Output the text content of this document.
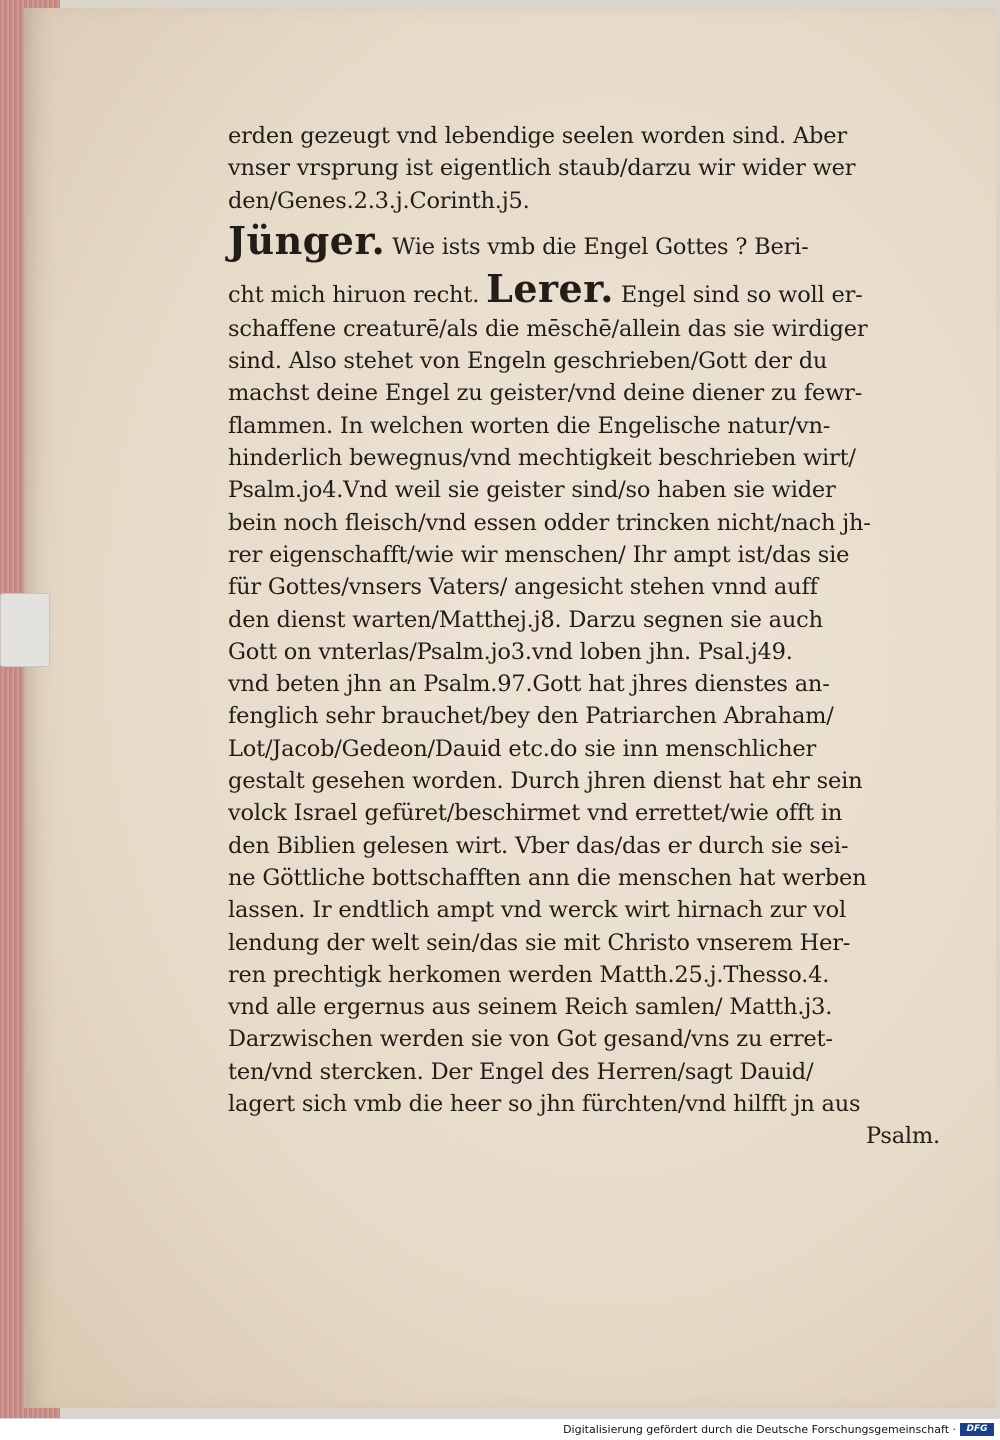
erden gezeugt vnd lebendige seelen worden sind. Aber
vnser vrsprung ist eigentlich staub/darzu wir wider wer
den/Genes.2.3.j.Corinth.j5.
Jünger. Wie ists vmb die Engel Gottes ? Beri‑
cht mich hiruon recht. Lerer. Engel sind so woll er‑
schaffene creaturē/als die mēschē/allein das sie wirdiger
sind. Also stehet von Engeln geschrieben/Gott der du
machst deine Engel zu geister/vnd deine diener zu fewr‑
flammen. In welchen worten die Engelische natur/vn‑
hinderlich bewegnus/vnd mechtigkeit beschrieben wirt/
Psalm.jo4.Vnd weil sie geister sind/so haben sie wider
bein noch fleisch/vnd essen odder trincken nicht/nach jh‑
rer eigenschafft/wie wir menschen/ Ihr ampt ist/das sie
für Gottes/vnsers Vaters/ angesicht stehen vnnd auff
den dienst warten/Matthej.j8. Darzu segnen sie auch
Gott on vnterlas/Psalm.jo3.vnd loben jhn. Psal.j49.
vnd beten jhn an Psalm.97.Gott hat jhres dienstes an‑
fenglich sehr brauchet/bey den Patriarchen Abraham/
Lot/Jacob/Gedeon/Dauid etc.do sie inn menschlicher
gestalt gesehen worden. Durch jhren dienst hat ehr sein
volck Israel gefüret/beschirmet vnd errettet/wie offt in
den Biblien gelesen wirt. Vber das/das er durch sie sei‑
ne Göttliche bottschafften ann die menschen hat werben
lassen. Ir endtlich ampt vnd werck wirt hirnach zur vol
lendung der welt sein/das sie mit Christo vnserem Her‑
ren prechtigk herkomen werden Matth.25.j.Thesso.4.
vnd alle ergernus aus seinem Reich samlen/ Matth.j3.
Darzwischen werden sie von Got gesand/vns zu erret‑
ten/vnd stercken. Der Engel des Herren/sagt Dauid/
lagert sich vmb die heer so jhn fürchten/vnd hilfft jn aus
Psalm.
Digitalisierung gefördert durch die Deutsche Forschungsgemeinschaft ·	DFG
